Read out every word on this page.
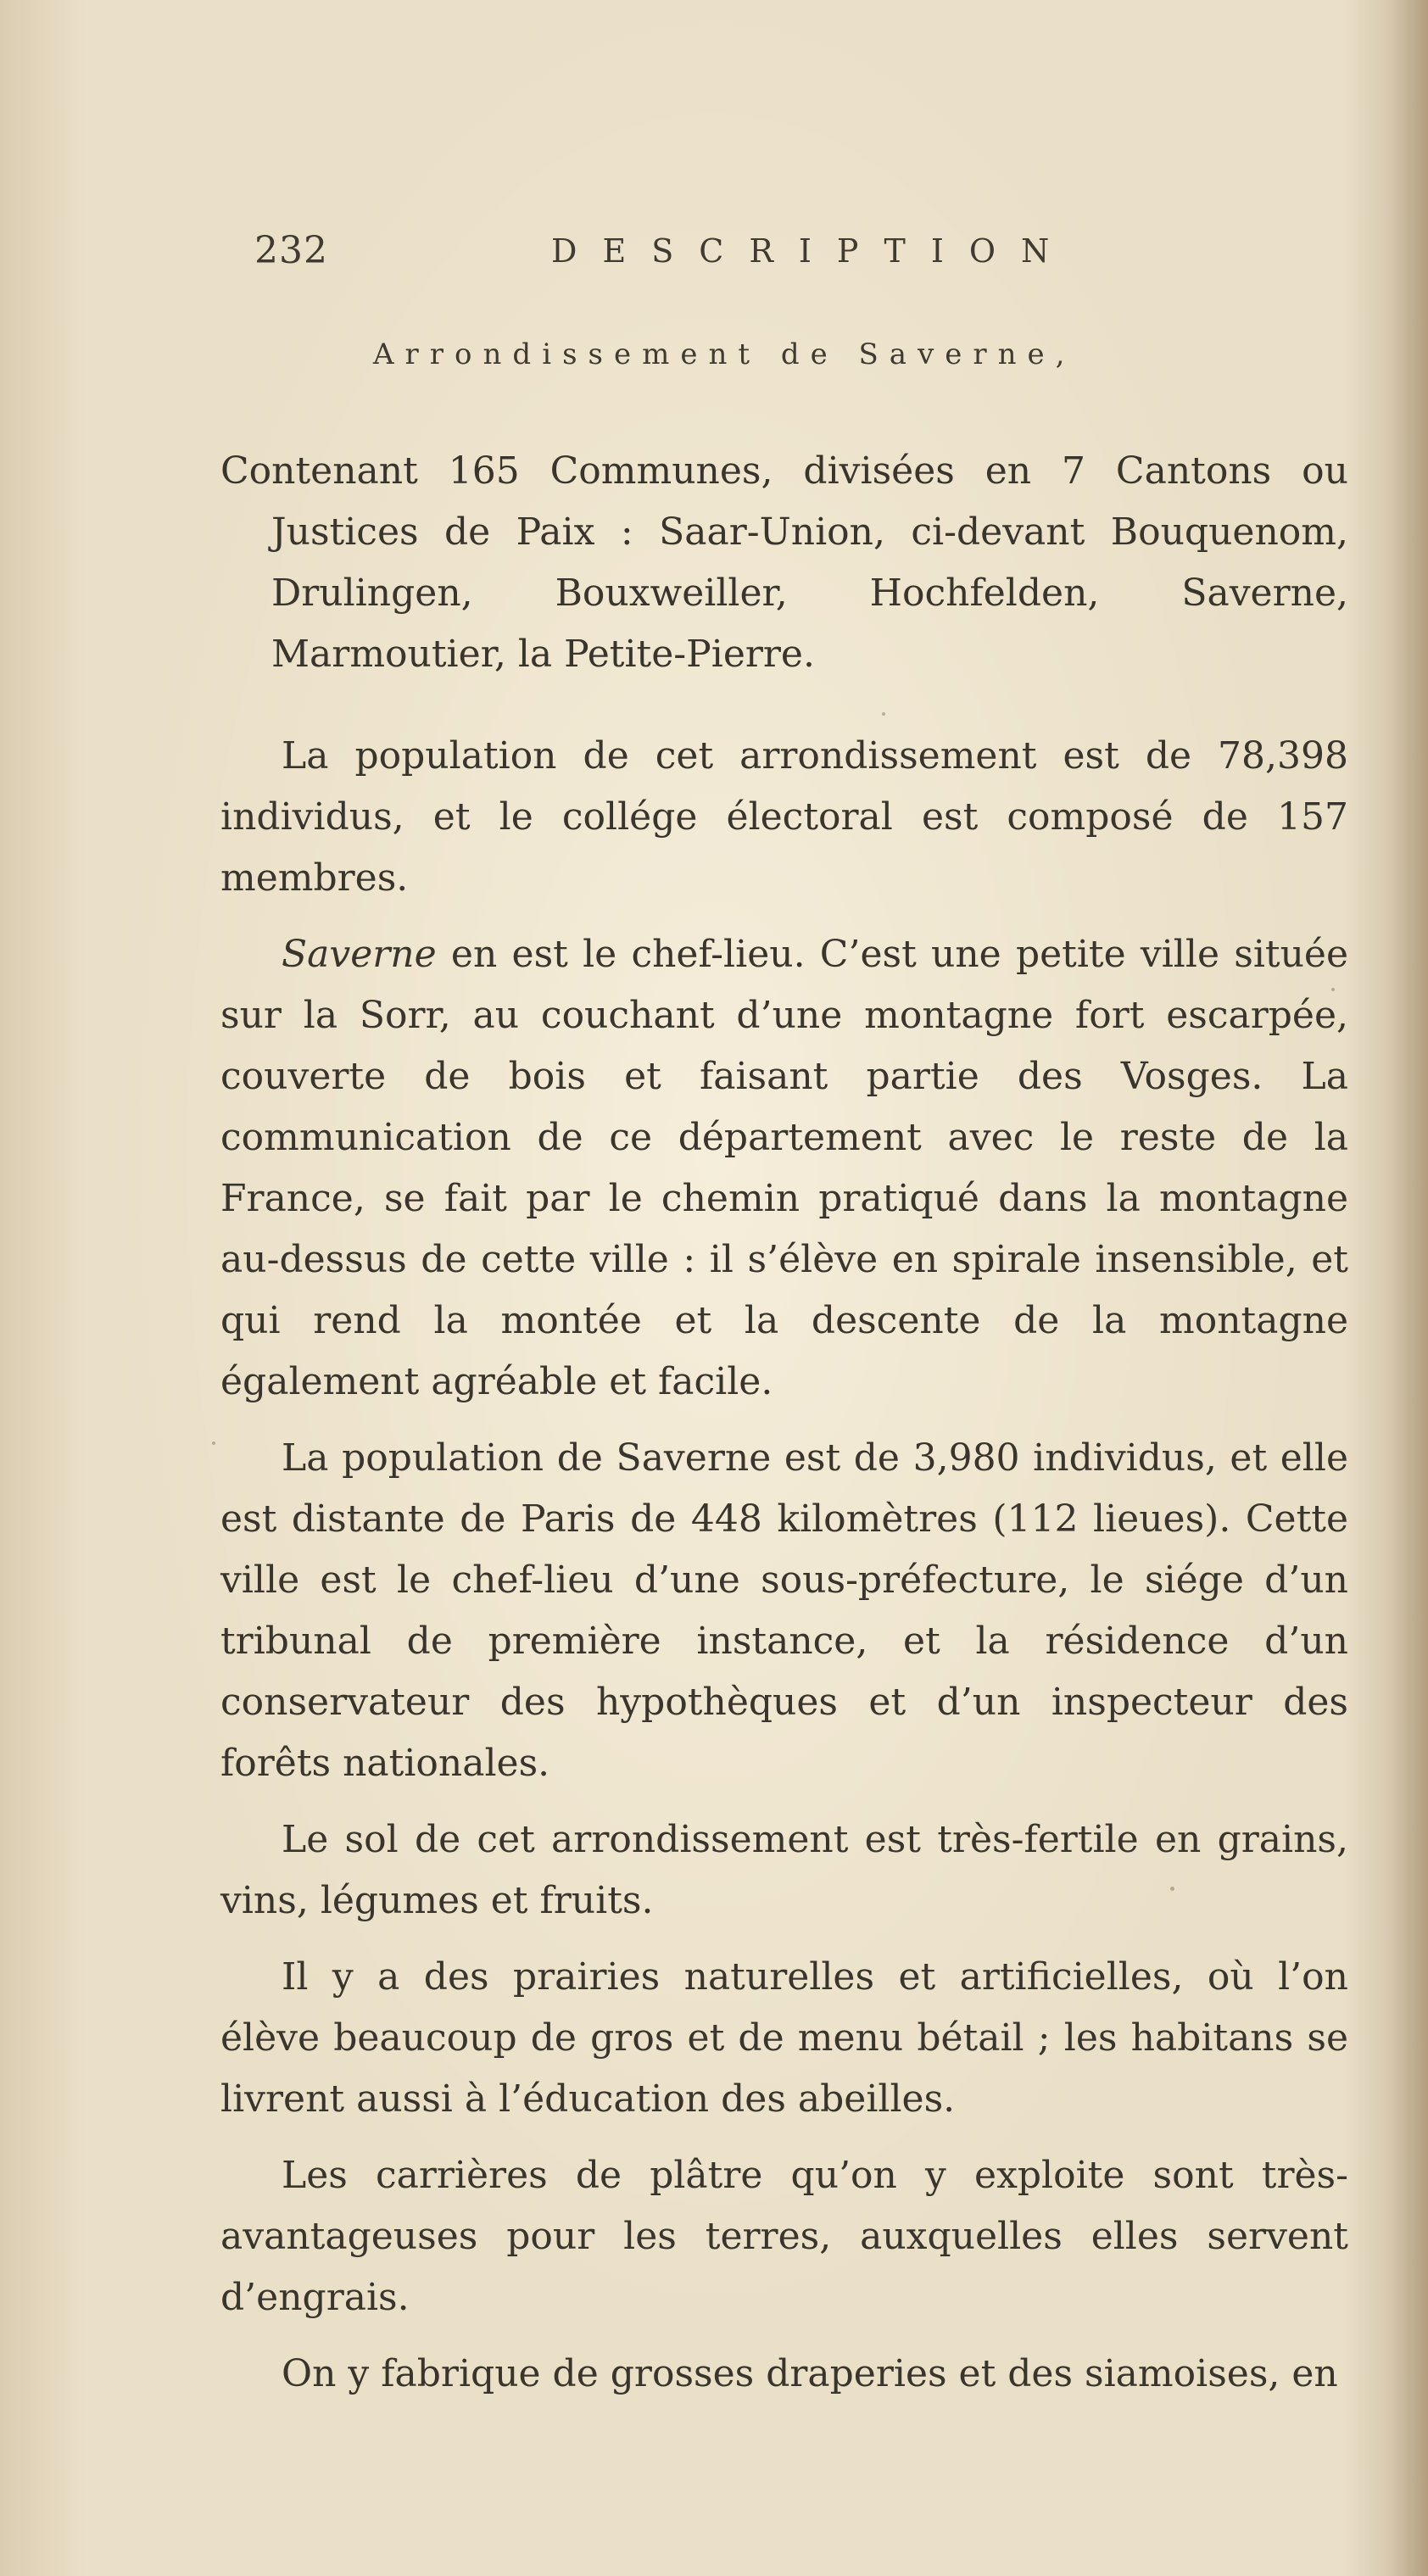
232	DESCRIPTION
Arrondissement de Saverne,

Contenant 165 Communes, divisées en 7 Cantons ou Justices de Paix : Saar-Union, ci-devant Bouquenom, Drulingen, Bouxweiller, Hochfelden, Saverne, Marmoutier, la Petite-Pierre.

La population de cet arrondissement est de 78,398 individus, et le collége électoral est composé de 157 membres.

Saverne en est le chef-lieu. C’est une petite ville située sur la Sorr, au couchant d’une montagne fort escarpée, couverte de bois et faisant partie des Vosges. La communication de ce département avec le reste de la France, se fait par le chemin pratiqué dans la montagne au-dessus de cette ville : il s’élève en spirale insensible, et qui rend la montée et la descente de la montagne également agréable et facile.

La population de Saverne est de 3,980 individus, et elle est distante de Paris de 448 kilomètres (112 lieues). Cette ville est le chef-lieu d’une sous-préfecture, le siége d’un tribunal de première instance, et la résidence d’un conservateur des hypothèques et d’un inspecteur des forêts nationales.

Le sol de cet arrondissement est très-fertile en grains, vins, légumes et fruits.

Il y a des prairies naturelles et artificielles, où l’on élève beaucoup de gros et de menu bétail ; les habitans se livrent aussi à l’éducation des abeilles.

Les carrières de plâtre qu’on y exploite sont très-avantageuses pour les terres, auxquelles elles servent d’engrais.

On y fabrique de grosses draperies et des siamoises, en
